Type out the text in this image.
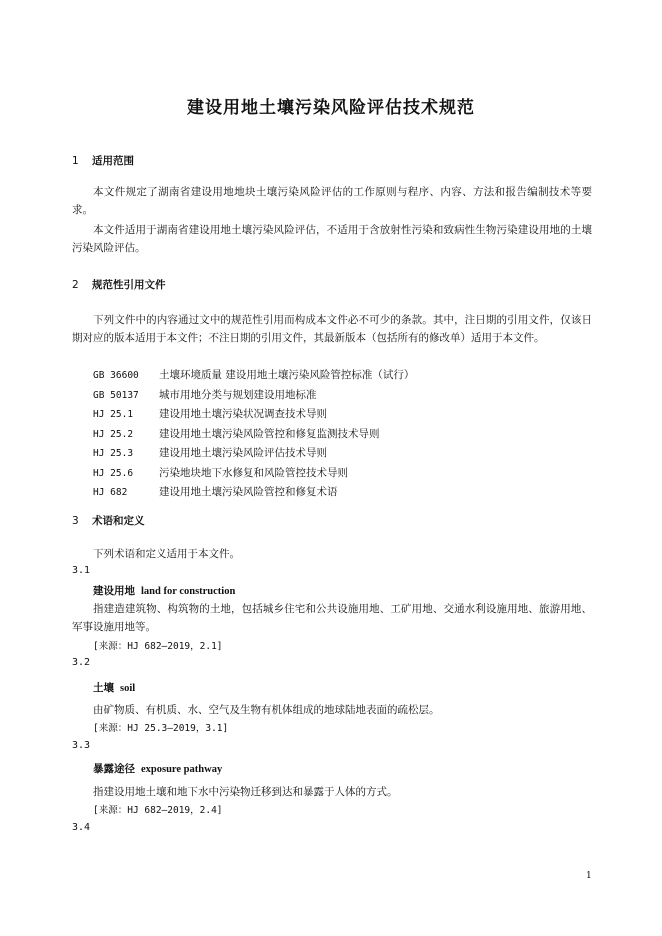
建设用地土壤污染风险评估技术规范
1 适用范围
本文件规定了湖南省建设用地地块土壤污染风险评估的工作原则与程序、内容、方法和报告编制技术等要求。
本文件适用于湖南省建设用地土壤污染风险评估，不适用于含放射性污染和致病性生物污染建设用地的土壤污染风险评估。
2 规范性引用文件
下列文件中的内容通过文中的规范性引用而构成本文件必不可少的条款。其中，注日期的引用文件，仅该日期对应的版本适用于本文件；不注日期的引用文件，其最新版本（包括所有的修改单）适用于本文件。
GB 36600 土壤环境质量 建设用地土壤污染风险管控标准（试行）
GB 50137 城市用地分类与规划建设用地标准
HJ 25.1 建设用地土壤污染状况调查技术导则
HJ 25.2 建设用地土壤污染风险管控和修复监测技术导则
HJ 25.3 建设用地土壤污染风险评估技术导则
HJ 25.6 污染地块地下水修复和风险管控技术导则
HJ 682	建设用地土壤污染风险管控和修复术语
3 术语和定义
下列术语和定义适用于本文件。
3.1
建设用地 land for construction
指建造建筑物、构筑物的土地，包括城乡住宅和公共设施用地、工矿用地、交通水利设施用地、旅游用地、军事设施用地等。
[来源：HJ 682—2019，2.1]
3.2
土壤 soil
由矿物质、有机质、水、空气及生物有机体组成的地球陆地表面的疏松层。
[来源：HJ 25.3—2019，3.1]
3.3
暴露途径 exposure pathway
指建设用地土壤和地下水中污染物迁移到达和暴露于人体的方式。
[来源：HJ 682—2019，2.4]
3.4
1
